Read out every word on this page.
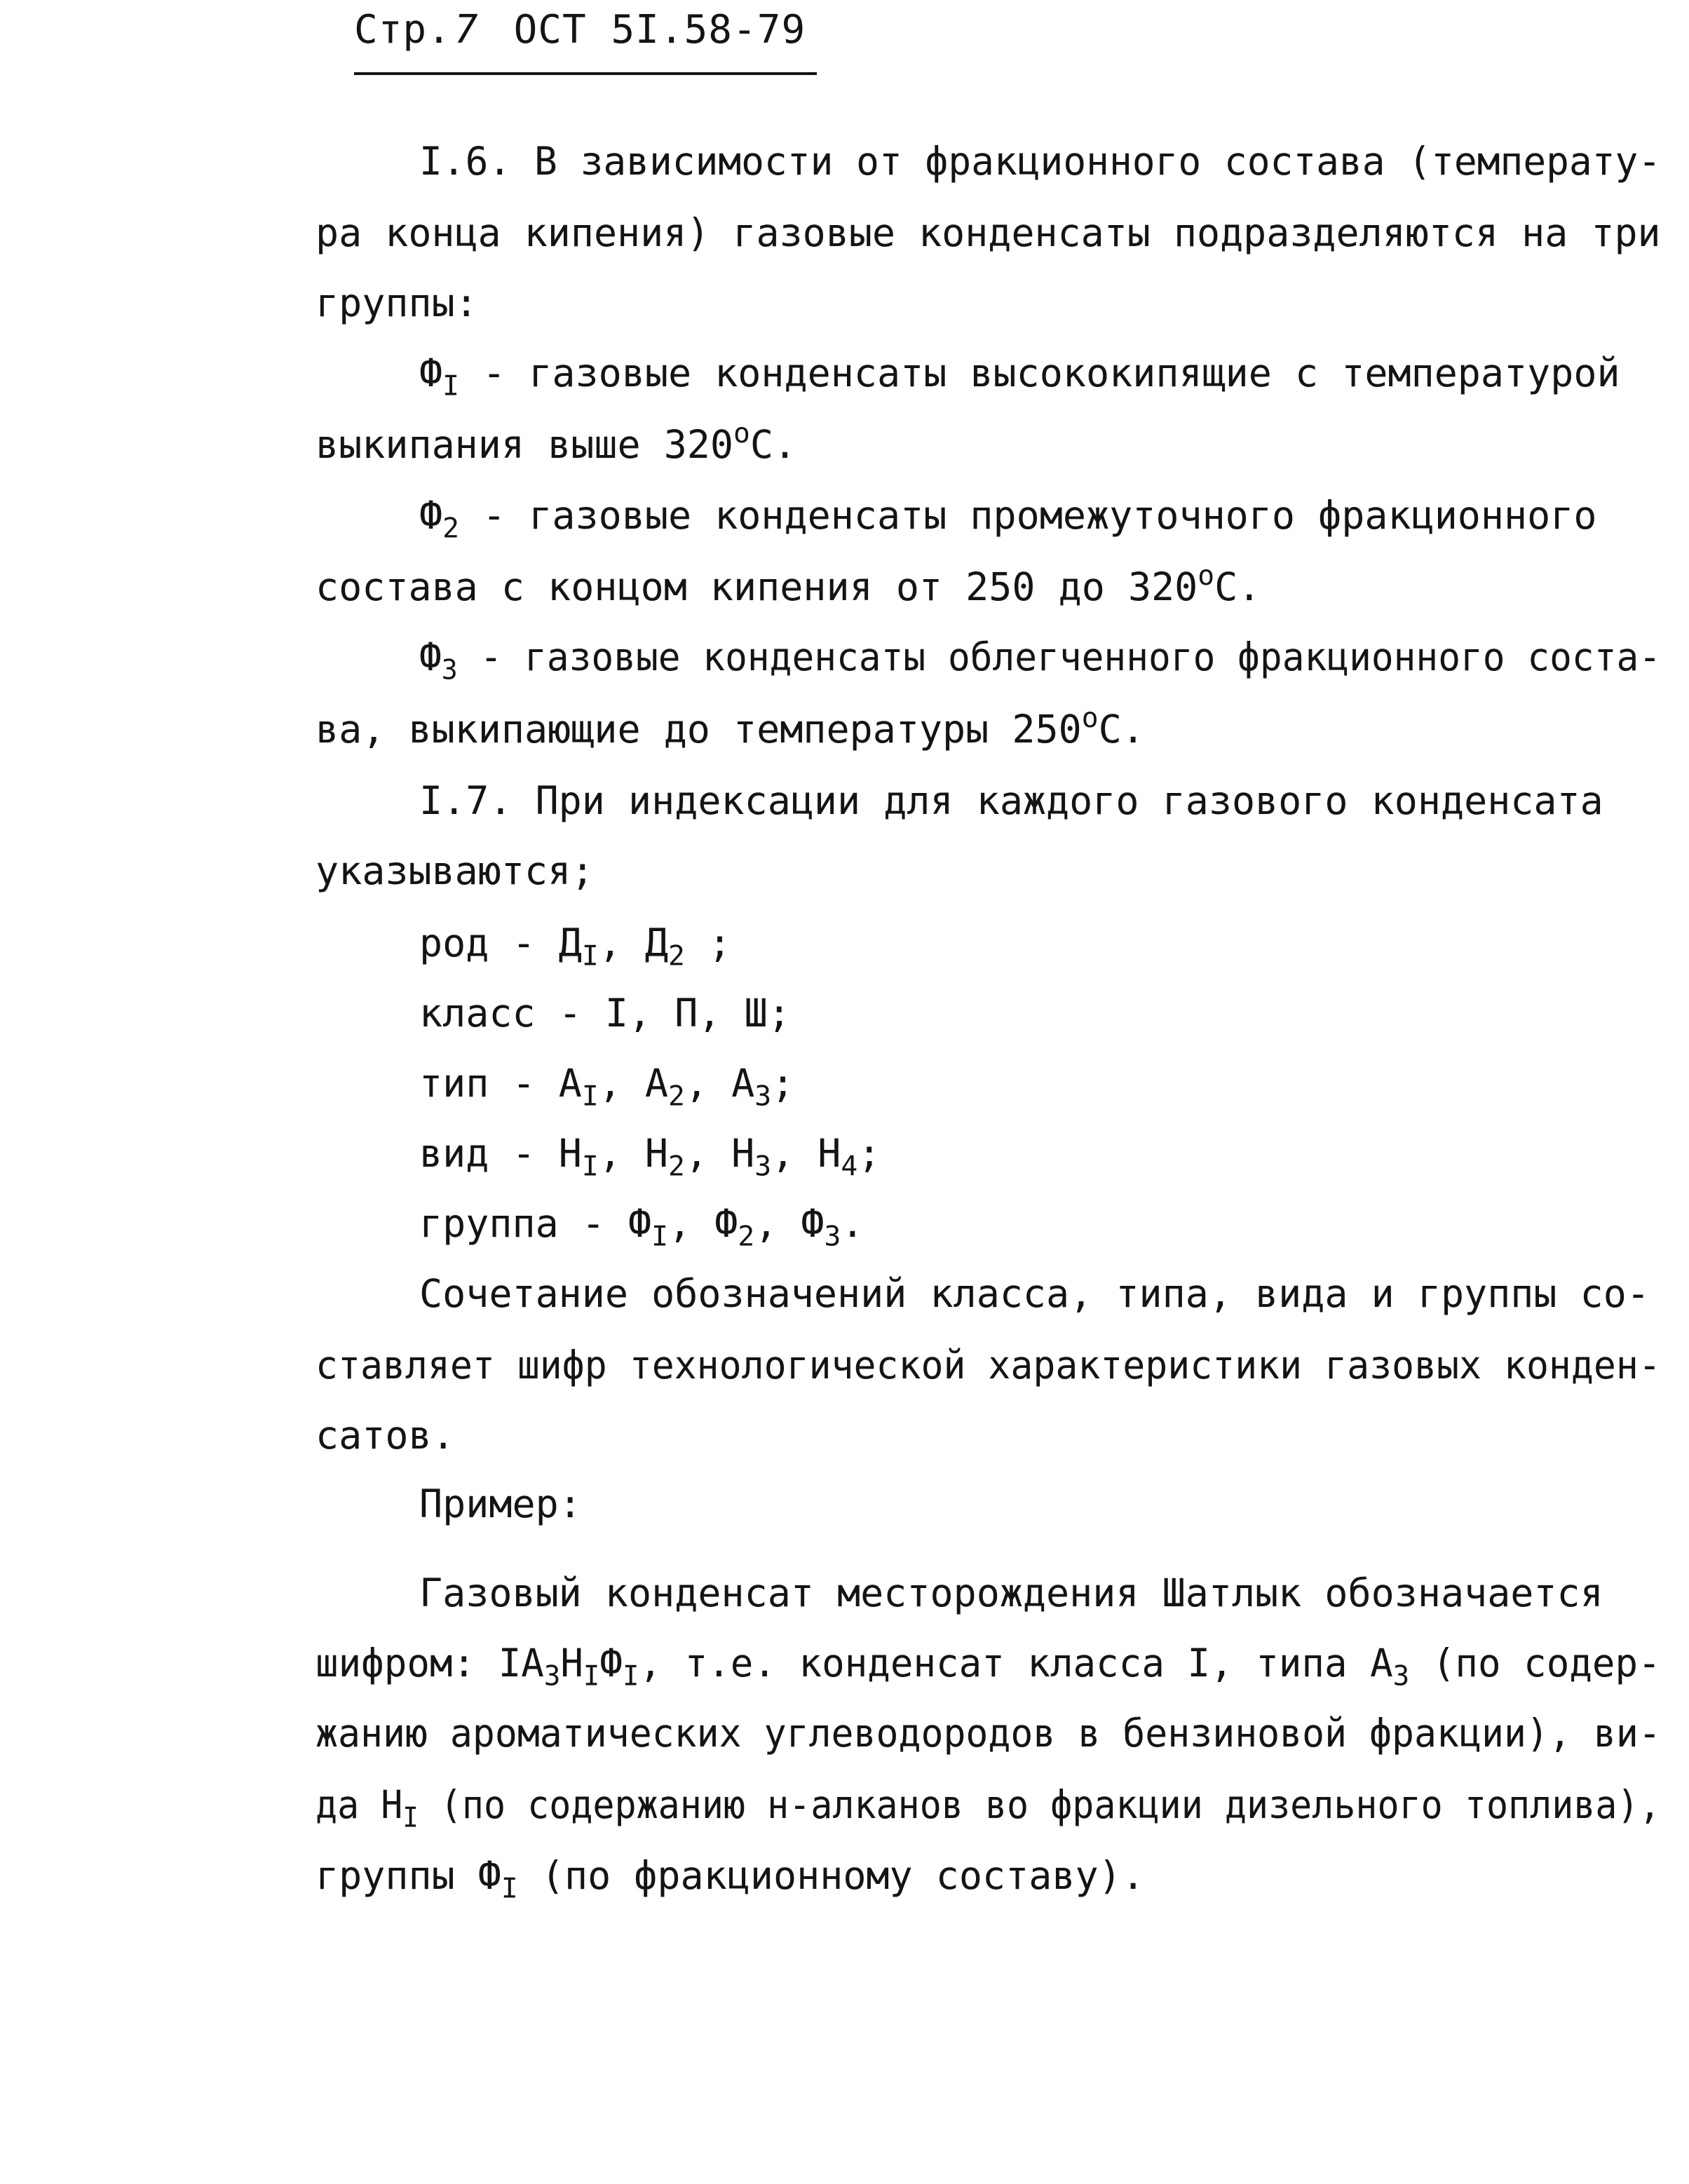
Стр.7 ОСТ 5I.58-79
I.6. В зависимости от фракционного состава (температу-
ра конца кипения) газовые конденсаты подразделяются на три
группы:
$Ф_I$ - газовые конденсаты высококипящие с температурой
выкипания выше $320^оС$.
$Ф_2$ - газовые конденсаты промежуточного фракционного
состава с концом кипения от 250 до $320^оС$.
$Ф_3$ - газовые конденсаты облегченного фракционного соста-
ва, выкипающие до температуры $250^оС$.
I.7. При индексации для каждого газового конденсата
указываются;
род - $Д_I$, $Д_2$ ;
класс - I, П, Ш;
тип - $А_I$, $А_2$, $А_3$;
вид - $Н_I$, $Н_2$, $Н_3$, $Н_4$;
группа - $Ф_I$, $Ф_2$, $Ф_3$.
Сочетание обозначений класса, типа, вида и группы со-
ставляет шифр технологической характеристики газовых конден-
сатов.
Пример:
Газовый конденсат месторождения Шатлык обозначается
шифром: $IА_3Н_IФ_I$, т.е. конденсат класса I, типа $А_3$ (по содер-
жанию ароматических углеводородов в бензиновой фракции), ви-
да $Н_I$ (по содержанию н-алканов во фракции дизельного топлива),
группы $Ф_I$ (по фракционному составу).
